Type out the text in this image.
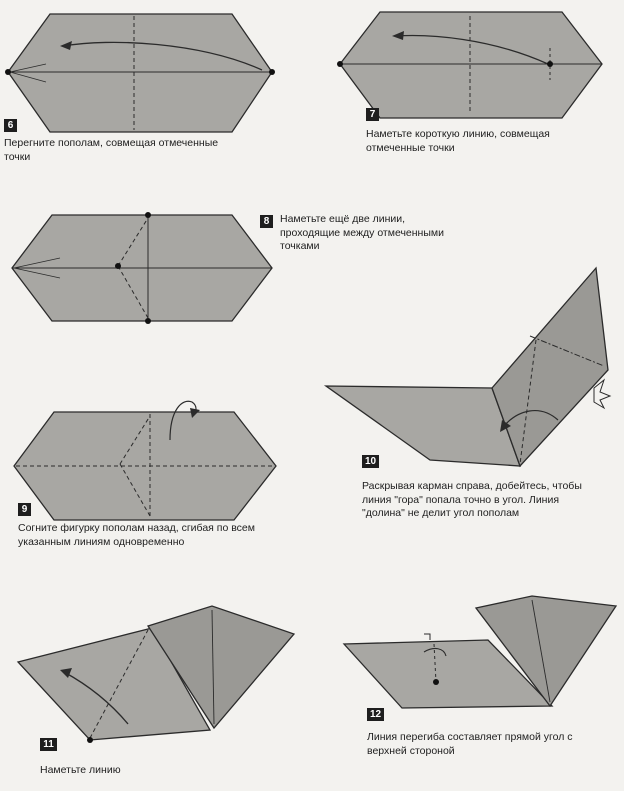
6
7
8
9
10
11
12
Перегните пополам, совмещая отмеченные
точки
Наметьте короткую линию, совмещая
отмеченные точки
Наметьте ещё две линии,
проходящие между отмеченными
точками
Согните фигурку пополам назад, сгибая по всем
указанным линиям одновременно
Раскрывая карман справа, добейтесь, чтобы
линия "гора" попала точно в угол. Линия
"долина" не делит угол пополам
Наметьте линию
Линия перегиба составляет прямой угол с
верхней стороной
